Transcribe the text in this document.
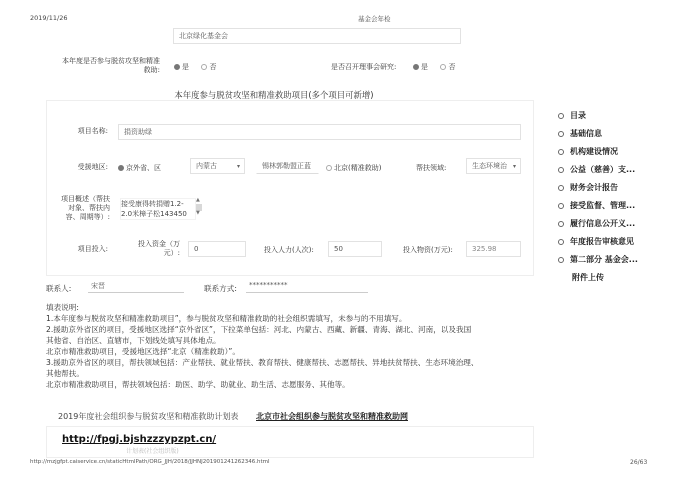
2019/11/26	基金会年检
北京绿化基金会
本年度是否参与脱贫攻坚和精准
救助:	是	否	是否召开理事会研究:	是	否
本年度参与脱贫攻坚和精准救助项目(多个项目可新增)
项目名称: 捐资助绿
受援地区:	京外省、区	内蒙古
▾	锡林郭勒盟正蓝	北京(精准救助)	帮扶领域:	生态环境治
▾
项目概述（帮扶
对象、帮扶内
容、周期等）:
接受康得转捐赠1.2-
2.0米樟子松143450
▲
▼
项目投入:
投入资金（万
元）: 0	投入人力(人次):	50	投入物资(万元):	325.98
联系人:	宋晋	联系方式:	***********
填表说明:
1.本年度参与脱贫攻坚和精准救助项目”，参与脱贫攻坚和精准救助的社会组织需填写，未参与的不用填写。
2.援助京外省区的项目，受援地区选择“京外省区”，下拉菜单包括：河北、内蒙古、西藏、新疆、青海、湖北、河南，以及我国
其他省、自治区、直辖市，下划线处填写具体地点。
北京市精准救助项目，受援地区选择“北京（精准救助）”。
3.援助京外省区的项目，帮扶领域包括：产业帮扶、就业帮扶、教育帮扶、健康帮扶、志愿帮扶、异地扶贫帮扶、生态环境治理、
其他帮扶。
北京市精准救助项目，帮扶领域包括：助医、助学、助就业、助生活、志愿服务、其他等。
2019年度社会组织参与脱贫攻坚和精准救助计划表 北京市社会组织参与脱贫攻坚和精准救助网
http://fpgj.bjshzzzypzpt.cn/
计划表(社会组织版)
目录
基础信息
机构建设情况
公益（慈善）支...
财务会计报告
接受监督、管理...
履行信息公开义...
年度报告审核意见
第二部分 基金会...
附件上传
http://mzjgfpt.caiservice.cn/staticHtmlPath/ORG_JJH/2018/JJHNJ201901241262346.html	26/63
